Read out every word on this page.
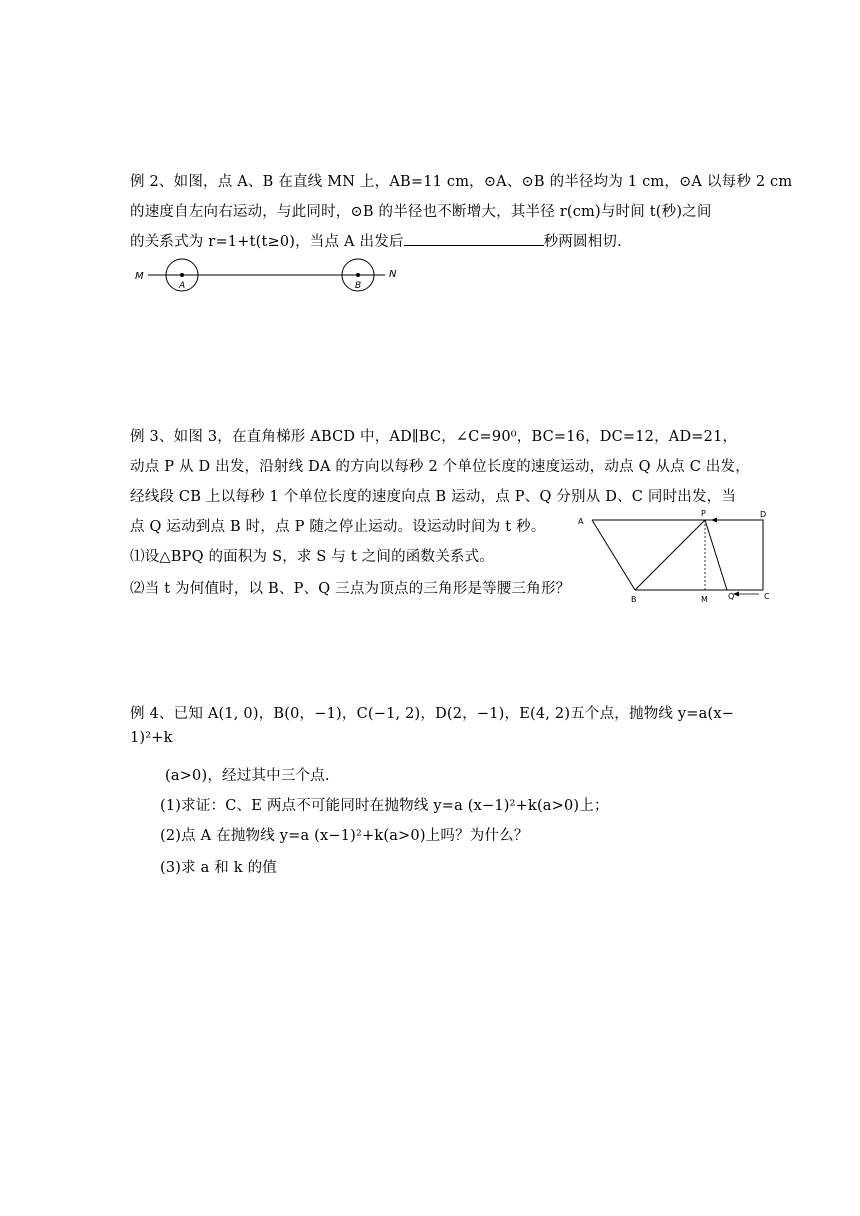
例 2、如图，点 A、B 在直线 MN 上，AB=11 cm，⊙A、⊙B 的半径均为 1 cm，⊙A 以每秒 2 cm
的速度自左向右运动，与此同时，⊙B 的半径也不断增大，其半径 r(cm)与时间 t(秒)之间
的关系式为 r=1+t(t≥0)，当点 A 出发后	秒两圆相切.
M	N
A	B
例 3、如图 3，在直角梯形 ABCD 中，AD∥BC，∠C=90⁰，BC=16，DC=12，AD=21，
动点 P 从 D 出发，沿射线 DA 的方向以每秒 2 个单位长度的速度运动，动点 Q 从点 C 出发，
经线段 CB 上以每秒 1 个单位长度的速度向点 B 运动，点 P、Q 分别从 D、C 同时出发，当
点 Q 运动到点 B 时，点 P 随之停止运动。设运动时间为 t 秒。
⑴设△BPQ 的面积为 S，求 S 与 t 之间的函数关系式。
⑵当 t 为何值时，以 B、P、Q 三点为顶点的三角形是等腰三角形？
A
P	D
B	M	Q	C
例 4、已知 A(1, 0)，B(0，−1)，C(−1, 2)，D(2，−1)，E(4, 2)五个点，抛物线 y=a(x−
1)²+k
(a>0)，经过其中三个点.
(1)求证：C、E 两点不可能同时在抛物线 y=a (x−1)²+k(a>0)上；
(2)点 A 在抛物线 y=a (x−1)²+k(a>0)上吗？为什么？
(3)求 a 和 k 的值
